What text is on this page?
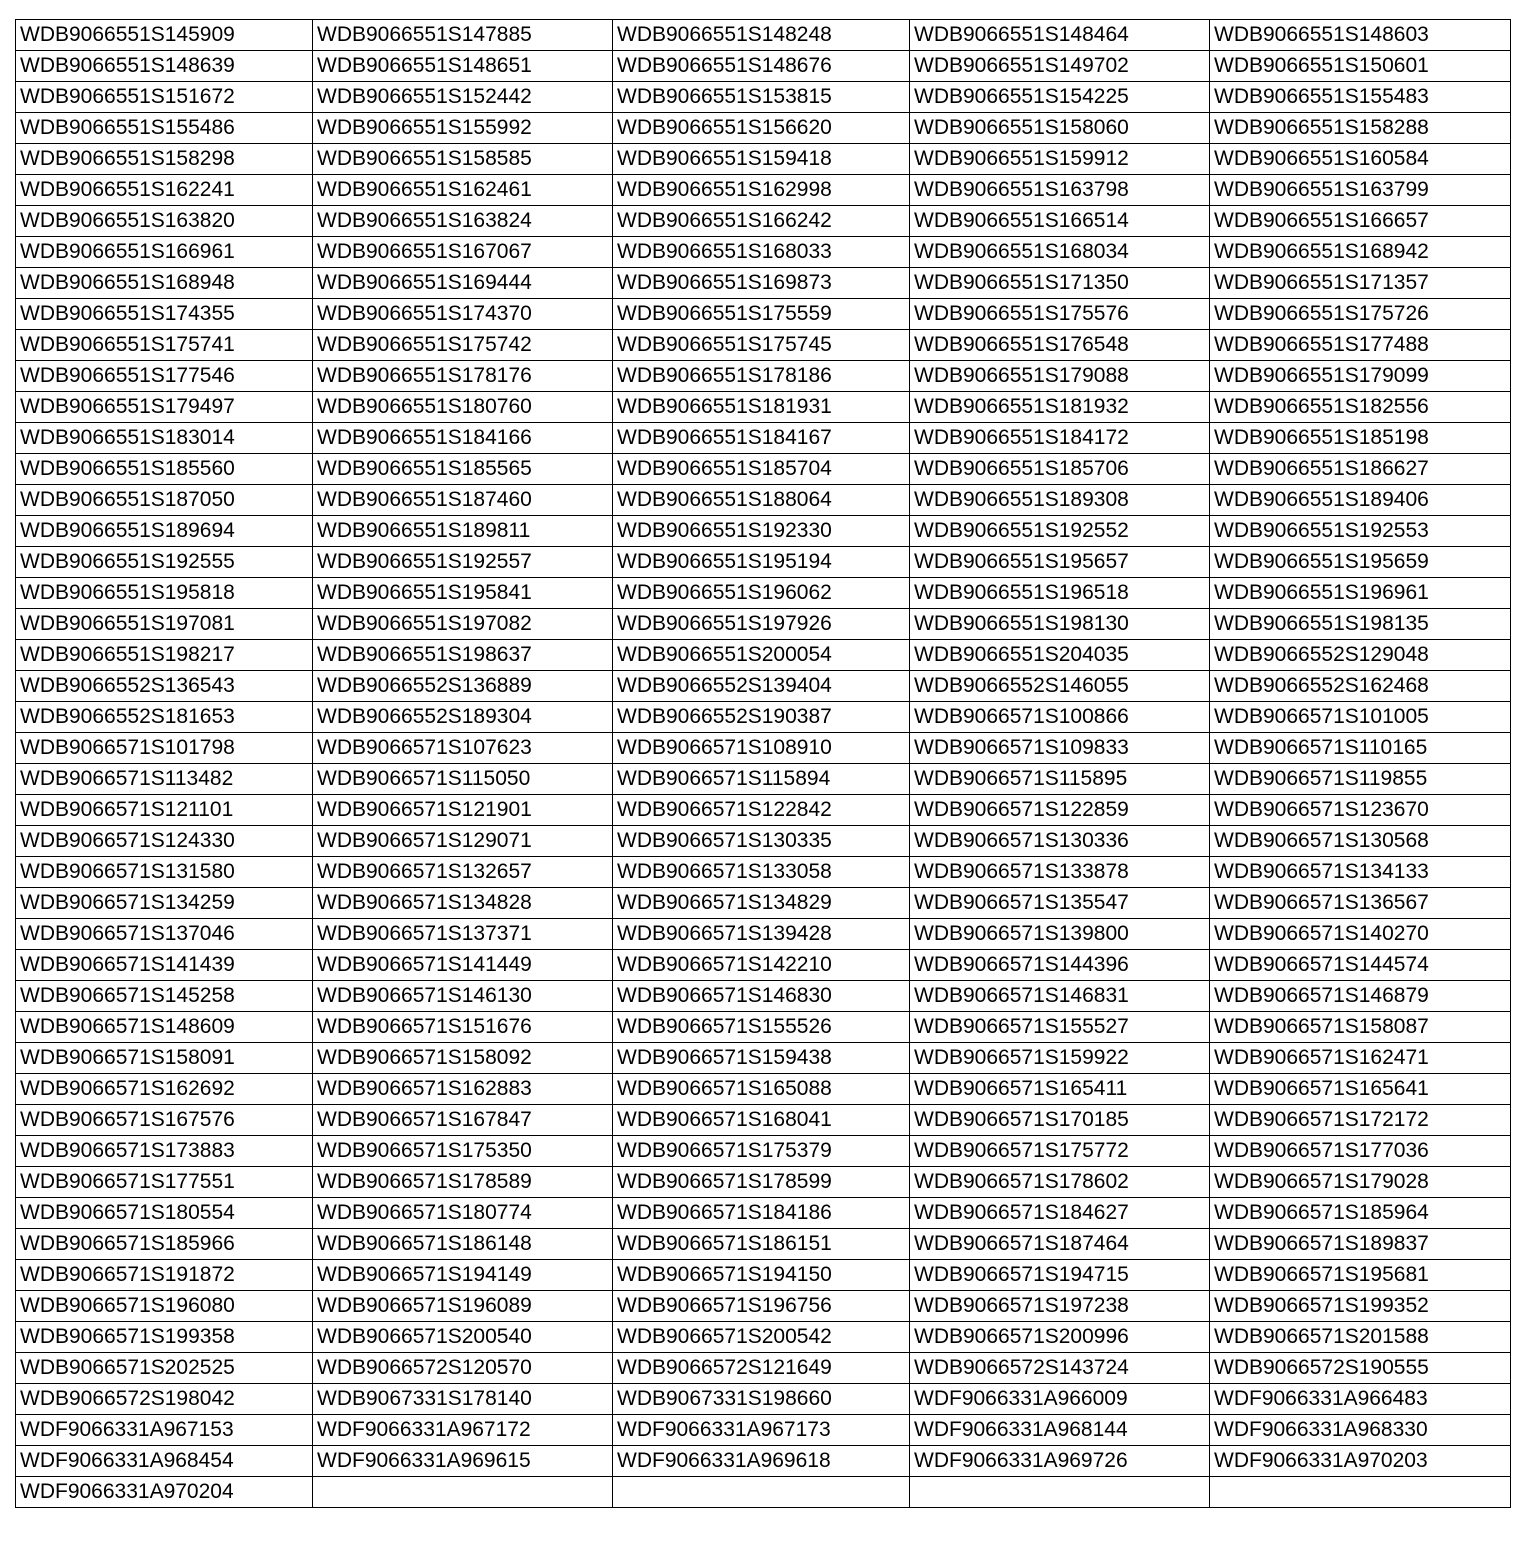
WDB9066551S145909	WDB9066551S147885	WDB9066551S148248	WDB9066551S148464	WDB9066551S148603
WDB9066551S148639	WDB9066551S148651	WDB9066551S148676	WDB9066551S149702	WDB9066551S150601
WDB9066551S151672	WDB9066551S152442	WDB9066551S153815	WDB9066551S154225	WDB9066551S155483
WDB9066551S155486	WDB9066551S155992	WDB9066551S156620	WDB9066551S158060	WDB9066551S158288
WDB9066551S158298	WDB9066551S158585	WDB9066551S159418	WDB9066551S159912	WDB9066551S160584
WDB9066551S162241	WDB9066551S162461	WDB9066551S162998	WDB9066551S163798	WDB9066551S163799
WDB9066551S163820	WDB9066551S163824	WDB9066551S166242	WDB9066551S166514	WDB9066551S166657
WDB9066551S166961	WDB9066551S167067	WDB9066551S168033	WDB9066551S168034	WDB9066551S168942
WDB9066551S168948	WDB9066551S169444	WDB9066551S169873	WDB9066551S171350	WDB9066551S171357
WDB9066551S174355	WDB9066551S174370	WDB9066551S175559	WDB9066551S175576	WDB9066551S175726
WDB9066551S175741	WDB9066551S175742	WDB9066551S175745	WDB9066551S176548	WDB9066551S177488
WDB9066551S177546	WDB9066551S178176	WDB9066551S178186	WDB9066551S179088	WDB9066551S179099
WDB9066551S179497	WDB9066551S180760	WDB9066551S181931	WDB9066551S181932	WDB9066551S182556
WDB9066551S183014	WDB9066551S184166	WDB9066551S184167	WDB9066551S184172	WDB9066551S185198
WDB9066551S185560	WDB9066551S185565	WDB9066551S185704	WDB9066551S185706	WDB9066551S186627
WDB9066551S187050	WDB9066551S187460	WDB9066551S188064	WDB9066551S189308	WDB9066551S189406
WDB9066551S189694	WDB9066551S189811	WDB9066551S192330	WDB9066551S192552	WDB9066551S192553
WDB9066551S192555	WDB9066551S192557	WDB9066551S195194	WDB9066551S195657	WDB9066551S195659
WDB9066551S195818	WDB9066551S195841	WDB9066551S196062	WDB9066551S196518	WDB9066551S196961
WDB9066551S197081	WDB9066551S197082	WDB9066551S197926	WDB9066551S198130	WDB9066551S198135
WDB9066551S198217	WDB9066551S198637	WDB9066551S200054	WDB9066551S204035	WDB9066552S129048
WDB9066552S136543	WDB9066552S136889	WDB9066552S139404	WDB9066552S146055	WDB9066552S162468
WDB9066552S181653	WDB9066552S189304	WDB9066552S190387	WDB9066571S100866	WDB9066571S101005
WDB9066571S101798	WDB9066571S107623	WDB9066571S108910	WDB9066571S109833	WDB9066571S110165
WDB9066571S113482	WDB9066571S115050	WDB9066571S115894	WDB9066571S115895	WDB9066571S119855
WDB9066571S121101	WDB9066571S121901	WDB9066571S122842	WDB9066571S122859	WDB9066571S123670
WDB9066571S124330	WDB9066571S129071	WDB9066571S130335	WDB9066571S130336	WDB9066571S130568
WDB9066571S131580	WDB9066571S132657	WDB9066571S133058	WDB9066571S133878	WDB9066571S134133
WDB9066571S134259	WDB9066571S134828	WDB9066571S134829	WDB9066571S135547	WDB9066571S136567
WDB9066571S137046	WDB9066571S137371	WDB9066571S139428	WDB9066571S139800	WDB9066571S140270
WDB9066571S141439	WDB9066571S141449	WDB9066571S142210	WDB9066571S144396	WDB9066571S144574
WDB9066571S145258	WDB9066571S146130	WDB9066571S146830	WDB9066571S146831	WDB9066571S146879
WDB9066571S148609	WDB9066571S151676	WDB9066571S155526	WDB9066571S155527	WDB9066571S158087
WDB9066571S158091	WDB9066571S158092	WDB9066571S159438	WDB9066571S159922	WDB9066571S162471
WDB9066571S162692	WDB9066571S162883	WDB9066571S165088	WDB9066571S165411	WDB9066571S165641
WDB9066571S167576	WDB9066571S167847	WDB9066571S168041	WDB9066571S170185	WDB9066571S172172
WDB9066571S173883	WDB9066571S175350	WDB9066571S175379	WDB9066571S175772	WDB9066571S177036
WDB9066571S177551	WDB9066571S178589	WDB9066571S178599	WDB9066571S178602	WDB9066571S179028
WDB9066571S180554	WDB9066571S180774	WDB9066571S184186	WDB9066571S184627	WDB9066571S185964
WDB9066571S185966	WDB9066571S186148	WDB9066571S186151	WDB9066571S187464	WDB9066571S189837
WDB9066571S191872	WDB9066571S194149	WDB9066571S194150	WDB9066571S194715	WDB9066571S195681
WDB9066571S196080	WDB9066571S196089	WDB9066571S196756	WDB9066571S197238	WDB9066571S199352
WDB9066571S199358	WDB9066571S200540	WDB9066571S200542	WDB9066571S200996	WDB9066571S201588
WDB9066571S202525	WDB9066572S120570	WDB9066572S121649	WDB9066572S143724	WDB9066572S190555
WDB9066572S198042	WDB9067331S178140	WDB9067331S198660	WDF9066331A966009	WDF9066331A966483
WDF9066331A967153	WDF9066331A967172	WDF9066331A967173	WDF9066331A968144	WDF9066331A968330
WDF9066331A968454	WDF9066331A969615	WDF9066331A969618	WDF9066331A969726	WDF9066331A970203
WDF9066331A970204				
